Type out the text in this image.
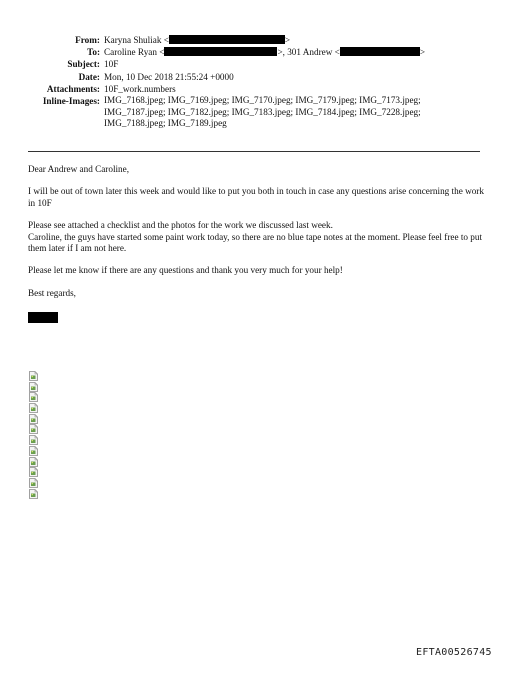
From: Karyna Shuliak <	>
To: Caroline Ryan <	>, 301 Andrew <	>
Subject: 10F
Date: Mon, 10 Dec 2018 21:55:24 +0000
Attachments: 10F_work.numbers
Inline-Images: IMG_7168.jpeg; IMG_7169.jpeg; IMG_7170.jpeg; IMG_7179.jpeg; IMG_7173.jpeg;
IMG_7187.jpeg; IMG_7182.jpeg; IMG_7183.jpeg; IMG_7184.jpeg; IMG_7228.jpeg;
IMG_7188.jpeg; IMG_7189.jpeg

Dear Andrew and Caroline,

I will be out of town later this week and would like to put you both in touch in case any questions arise concerning the work in 10F

Please see attached a checklist and the photos for the work we discussed last week.
Caroline, the guys have started some paint work today, so there are no blue tape notes at the moment. Please feel free to put them later if I am not here.

Please let me know if there are any questions and thank you very much for your help!

Best regards,

EFTA00526745
